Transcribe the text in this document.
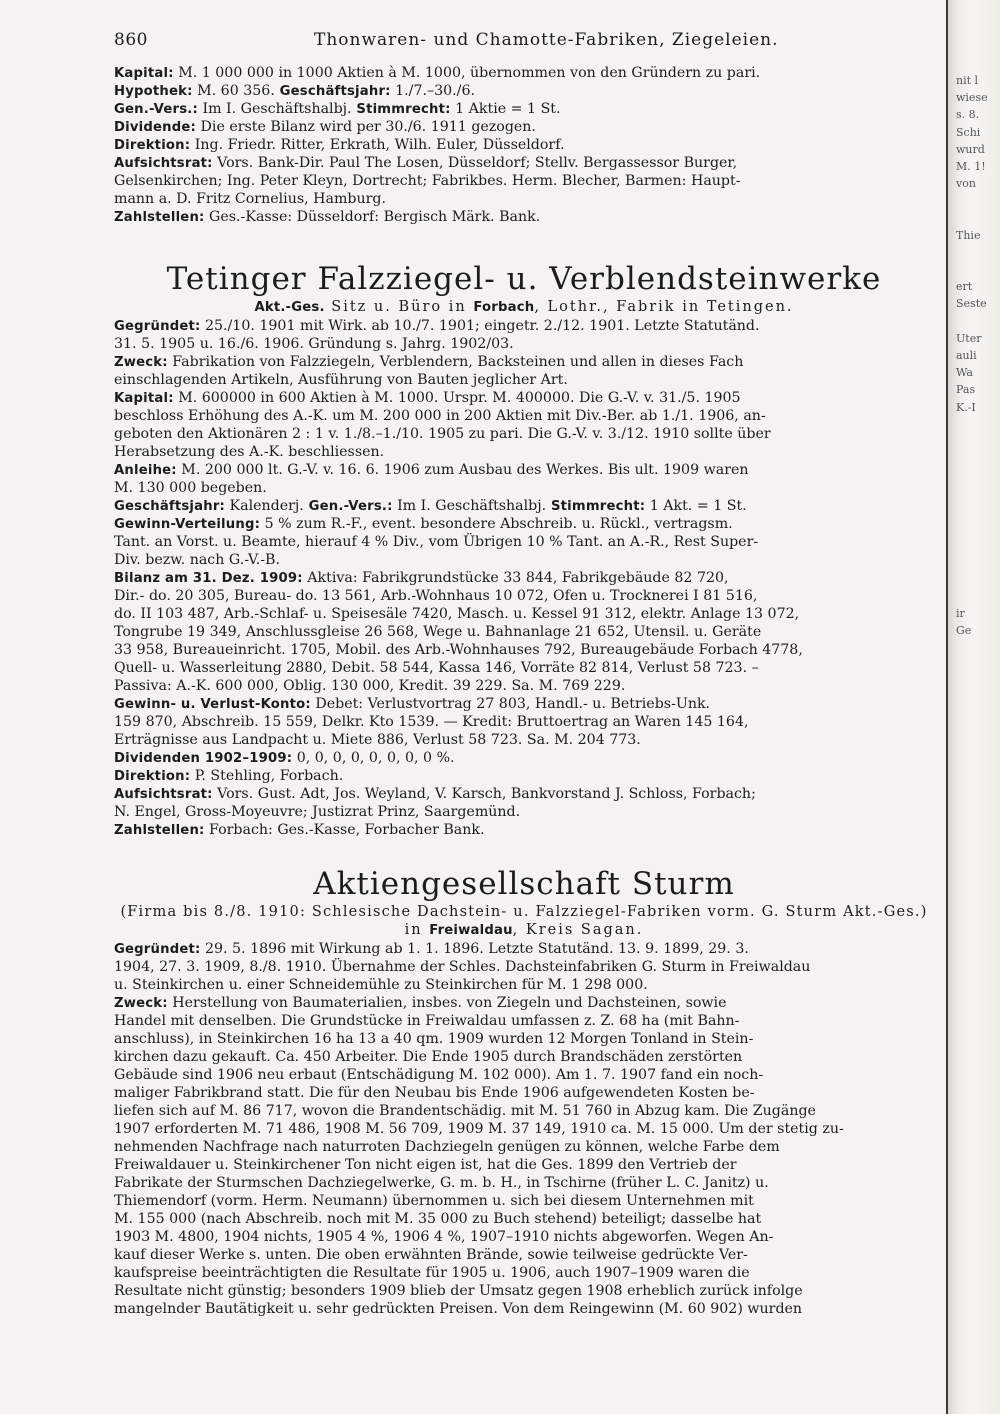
nit l
wiese
s. 8.
Schi
wurd
M. 1!
von
Thie
ert
Seste
Uter
auli
Wa
Pas
K.-I
ir
Ge
860	Thonwaren- und Chamotte-Fabriken, Ziegeleien.
Kapital: M. 1 000 000 in 1000 Aktien à M. 1000, übernommen von den Gründern zu pari.
Hypothek: M. 60 356. Geschäftsjahr: 1./7.–30./6.
Gen.-Vers.: Im I. Geschäftshalbj. Stimmrecht: 1 Aktie = 1 St.
Dividende: Die erste Bilanz wird per 30./6. 1911 gezogen.
Direktion: Ing. Friedr. Ritter, Erkrath, Wilh. Euler, Düsseldorf.
Aufsichtsrat: Vors. Bank-Dir. Paul The Losen, Düsseldorf; Stellv. Bergassessor Burger,
Gelsenkirchen; Ing. Peter Kleyn, Dortrecht; Fabrikbes. Herm. Blecher, Barmen: Haupt-
mann a. D. Fritz Cornelius, Hamburg.
Zahlstellen: Ges.-Kasse: Düsseldorf: Bergisch Märk. Bank.
Tetinger Falzziegel- u. Verblendsteinwerke
Akt.-Ges. Sitz u. Büro in Forbach, Lothr., Fabrik in Tetingen.
Gegründet: 25./10. 1901 mit Wirk. ab 10./7. 1901; eingetr. 2./12. 1901. Letzte Statutänd.
31. 5. 1905 u. 16./6. 1906. Gründung s. Jahrg. 1902/03.
Zweck: Fabrikation von Falzziegeln, Verblendern, Backsteinen und allen in dieses Fach
einschlagenden Artikeln, Ausführung von Bauten jeglicher Art.
Kapital: M. 600000 in 600 Aktien à M. 1000. Urspr. M. 400000. Die G.-V. v. 31./5. 1905
beschloss Erhöhung des A.-K. um M. 200 000 in 200 Aktien mit Div.-Ber. ab 1./1. 1906, an-
geboten den Aktionären 2 : 1 v. 1./8.–1./10. 1905 zu pari. Die G.-V. v. 3./12. 1910 sollte über
Herabsetzung des A.-K. beschliessen.
Anleihe: M. 200 000 lt. G.-V. v. 16. 6. 1906 zum Ausbau des Werkes. Bis ult. 1909 waren
M. 130 000 begeben.
Geschäftsjahr: Kalenderj. Gen.-Vers.: Im I. Geschäftshalbj. Stimmrecht: 1 Akt. = 1 St.
Gewinn-Verteilung: 5 % zum R.-F., event. besondere Abschreib. u. Rückl., vertragsm.
Tant. an Vorst. u. Beamte, hierauf 4 % Div., vom Übrigen 10 % Tant. an A.-R., Rest Super-
Div. bezw. nach G.-V.-B.
Bilanz am 31. Dez. 1909: Aktiva: Fabrikgrundstücke 33 844, Fabrikgebäude 82 720,
Dir.- do. 20 305, Bureau- do. 13 561, Arb.-Wohnhaus 10 072, Ofen u. Trocknerei I 81 516,
do. II 103 487, Arb.-Schlaf- u. Speisesäle 7420, Masch. u. Kessel 91 312, elektr. Anlage 13 072,
Tongrube 19 349, Anschlussgleise 26 568, Wege u. Bahnanlage 21 652, Utensil. u. Geräte
33 958, Bureaueinricht. 1705, Mobil. des Arb.-Wohnhauses 792, Bureaugebäude Forbach 4778,
Quell- u. Wasserleitung 2880, Debit. 58 544, Kassa 146, Vorräte 82 814, Verlust 58 723. –
Passiva: A.-K. 600 000, Oblig. 130 000, Kredit. 39 229. Sa. M. 769 229.
Gewinn- u. Verlust-Konto: Debet: Verlustvortrag 27 803, Handl.- u. Betriebs-Unk.
159 870, Abschreib. 15 559, Delkr. Kto 1539. — Kredit: Bruttoertrag an Waren 145 164,
Erträgnisse aus Landpacht u. Miete 886, Verlust 58 723. Sa. M. 204 773.
Dividenden 1902–1909: 0, 0, 0, 0, 0, 0, 0, 0 %.
Direktion: P. Stehling, Forbach.
Aufsichtsrat: Vors. Gust. Adt, Jos. Weyland, V. Karsch, Bankvorstand J. Schloss, Forbach;
N. Engel, Gross-Moyeuvre; Justizrat Prinz, Saargemünd.
Zahlstellen: Forbach: Ges.-Kasse, Forbacher Bank.
Aktiengesellschaft Sturm
(Firma bis 8./8. 1910: Schlesische Dachstein- u. Falzziegel-Fabriken vorm. G. Sturm Akt.-Ges.)
in Freiwaldau, Kreis Sagan.
Gegründet: 29. 5. 1896 mit Wirkung ab 1. 1. 1896. Letzte Statutänd. 13. 9. 1899, 29. 3.
1904, 27. 3. 1909, 8./8. 1910. Übernahme der Schles. Dachsteinfabriken G. Sturm in Freiwaldau
u. Steinkirchen u. einer Schneidemühle zu Steinkirchen für M. 1 298 000.
Zweck: Herstellung von Baumaterialien, insbes. von Ziegeln und Dachsteinen, sowie
Handel mit denselben. Die Grundstücke in Freiwaldau umfassen z. Z. 68 ha (mit Bahn-
anschluss), in Steinkirchen 16 ha 13 a 40 qm. 1909 wurden 12 Morgen Tonland in Stein-
kirchen dazu gekauft. Ca. 450 Arbeiter. Die Ende 1905 durch Brandschäden zerstörten
Gebäude sind 1906 neu erbaut (Entschädigung M. 102 000). Am 1. 7. 1907 fand ein noch-
maliger Fabrikbrand statt. Die für den Neubau bis Ende 1906 aufgewendeten Kosten be-
liefen sich auf M. 86 717, wovon die Brandentschädig. mit M. 51 760 in Abzug kam. Die Zugänge
1907 erforderten M. 71 486, 1908 M. 56 709, 1909 M. 37 149, 1910 ca. M. 15 000. Um der stetig zu-
nehmenden Nachfrage nach naturroten Dachziegeln genügen zu können, welche Farbe dem
Freiwaldauer u. Steinkirchener Ton nicht eigen ist, hat die Ges. 1899 den Vertrieb der
Fabrikate der Sturmschen Dachziegelwerke, G. m. b. H., in Tschirne (früher L. C. Janitz) u.
Thiemendorf (vorm. Herm. Neumann) übernommen u. sich bei diesem Unternehmen mit
M. 155 000 (nach Abschreib. noch mit M. 35 000 zu Buch stehend) beteiligt; dasselbe hat
1903 M. 4800, 1904 nichts, 1905 4 %, 1906 4 %, 1907–1910 nichts abgeworfen. Wegen An-
kauf dieser Werke s. unten. Die oben erwähnten Brände, sowie teilweise gedrückte Ver-
kaufspreise beeinträchtigten die Resultate für 1905 u. 1906, auch 1907–1909 waren die
Resultate nicht günstig; besonders 1909 blieb der Umsatz gegen 1908 erheblich zurück infolge
mangelnder Bautätigkeit u. sehr gedrückten Preisen. Von dem Reingewinn (M. 60 902) wurden
